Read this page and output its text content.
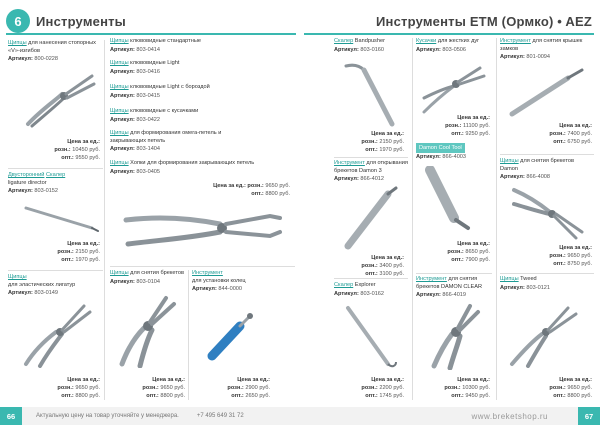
6	Инструменты
Щипцы для нанесения стопорных «V»-изгибов
Артикул: 800-0228
Цена за ед.:
розн.: 10450 руб.
опт.: 9550 руб.
Двусторонний Скалер
ligature director
Артикул: 803-0152
Цена за ед.:
розн.: 2150 руб.
опт.: 1970 руб.
Щипцы
для эластических лигатур
Артикул: 803-0149
Цена за ед.:
розн.: 9650 руб.
опт.: 8800 руб.
Щипцы клювовидные стандартные
Артикул: 803-0414
Щипцы клювовидные Light
Артикул: 803-0416
Щипцы клювовидные Light с бороздой
Артикул: 803-0415
Щипцы клювовидные с кусачками
Артикул: 803-0422
Щипцы для формирования омега-петель и закрывающих петель
Артикул: 803-1404
Щипцы Хопки для формирования закрывающих петель
Артикул: 803-0405
Цена за ед.: розн.: 9650 руб.
опт.: 8800 руб.
Щипцы для снятия брекетов
Артикул: 803-0104
Цена за ед.:
розн.: 9650 руб.
опт.: 8800 руб.
Инструмент
для установки колец
Артикул: 844-0000
Цена за ед.:
розн.: 2900 руб.
опт.: 2650 руб.
66	Актуальную цену на товар уточняйте у менеджера.	+7 495 649 31 72
Инструменты ETM (Ормко) • AEZ
Скалер Bandpusher
Артикул: 803-0160
Цена за ед.:
розн.: 2150 руб.
опт.: 1970 руб.
Инструмент для открывания брекетов Damon 3
Артикул: 866-4012
Цена за ед.:
розн.: 3400 руб.
опт.: 3100 руб.
Скалер Explorer
Артикул: 803-0162
Цена за ед.:
розн.: 2200 руб.
опт.: 1745 руб.
Кусачки для жестких дуг
Артикул: 803-0506
Цена за ед.:
розн.: 11100 руб.
опт.: 9250 руб.
Damon Cool Tool
Артикул: 866-4003
Цена за ед.:
розн.: 8650 руб.
опт.: 7900 руб.
Инструмент для снятия брекетов DAMON CLEAR
Артикул: 866-4019
Цена за ед.:
розн.: 10300 руб.
опт.: 9450 руб.
Инструмент для снятия крышек замков
Артикул: 801-0094
Цена за ед.:
розн.: 7400 руб.
опт.: 6750 руб.
Щипцы для снятия брекетов Damon
Артикул: 866-4008
Цена за ед.:
розн.: 9650 руб.
опт.: 8750 руб.
Щипцы Tweed
Артикул: 803-0121
Цена за ед.:
розн.: 9650 руб.
опт.: 8800 руб.
www.breketshop.ru	67
